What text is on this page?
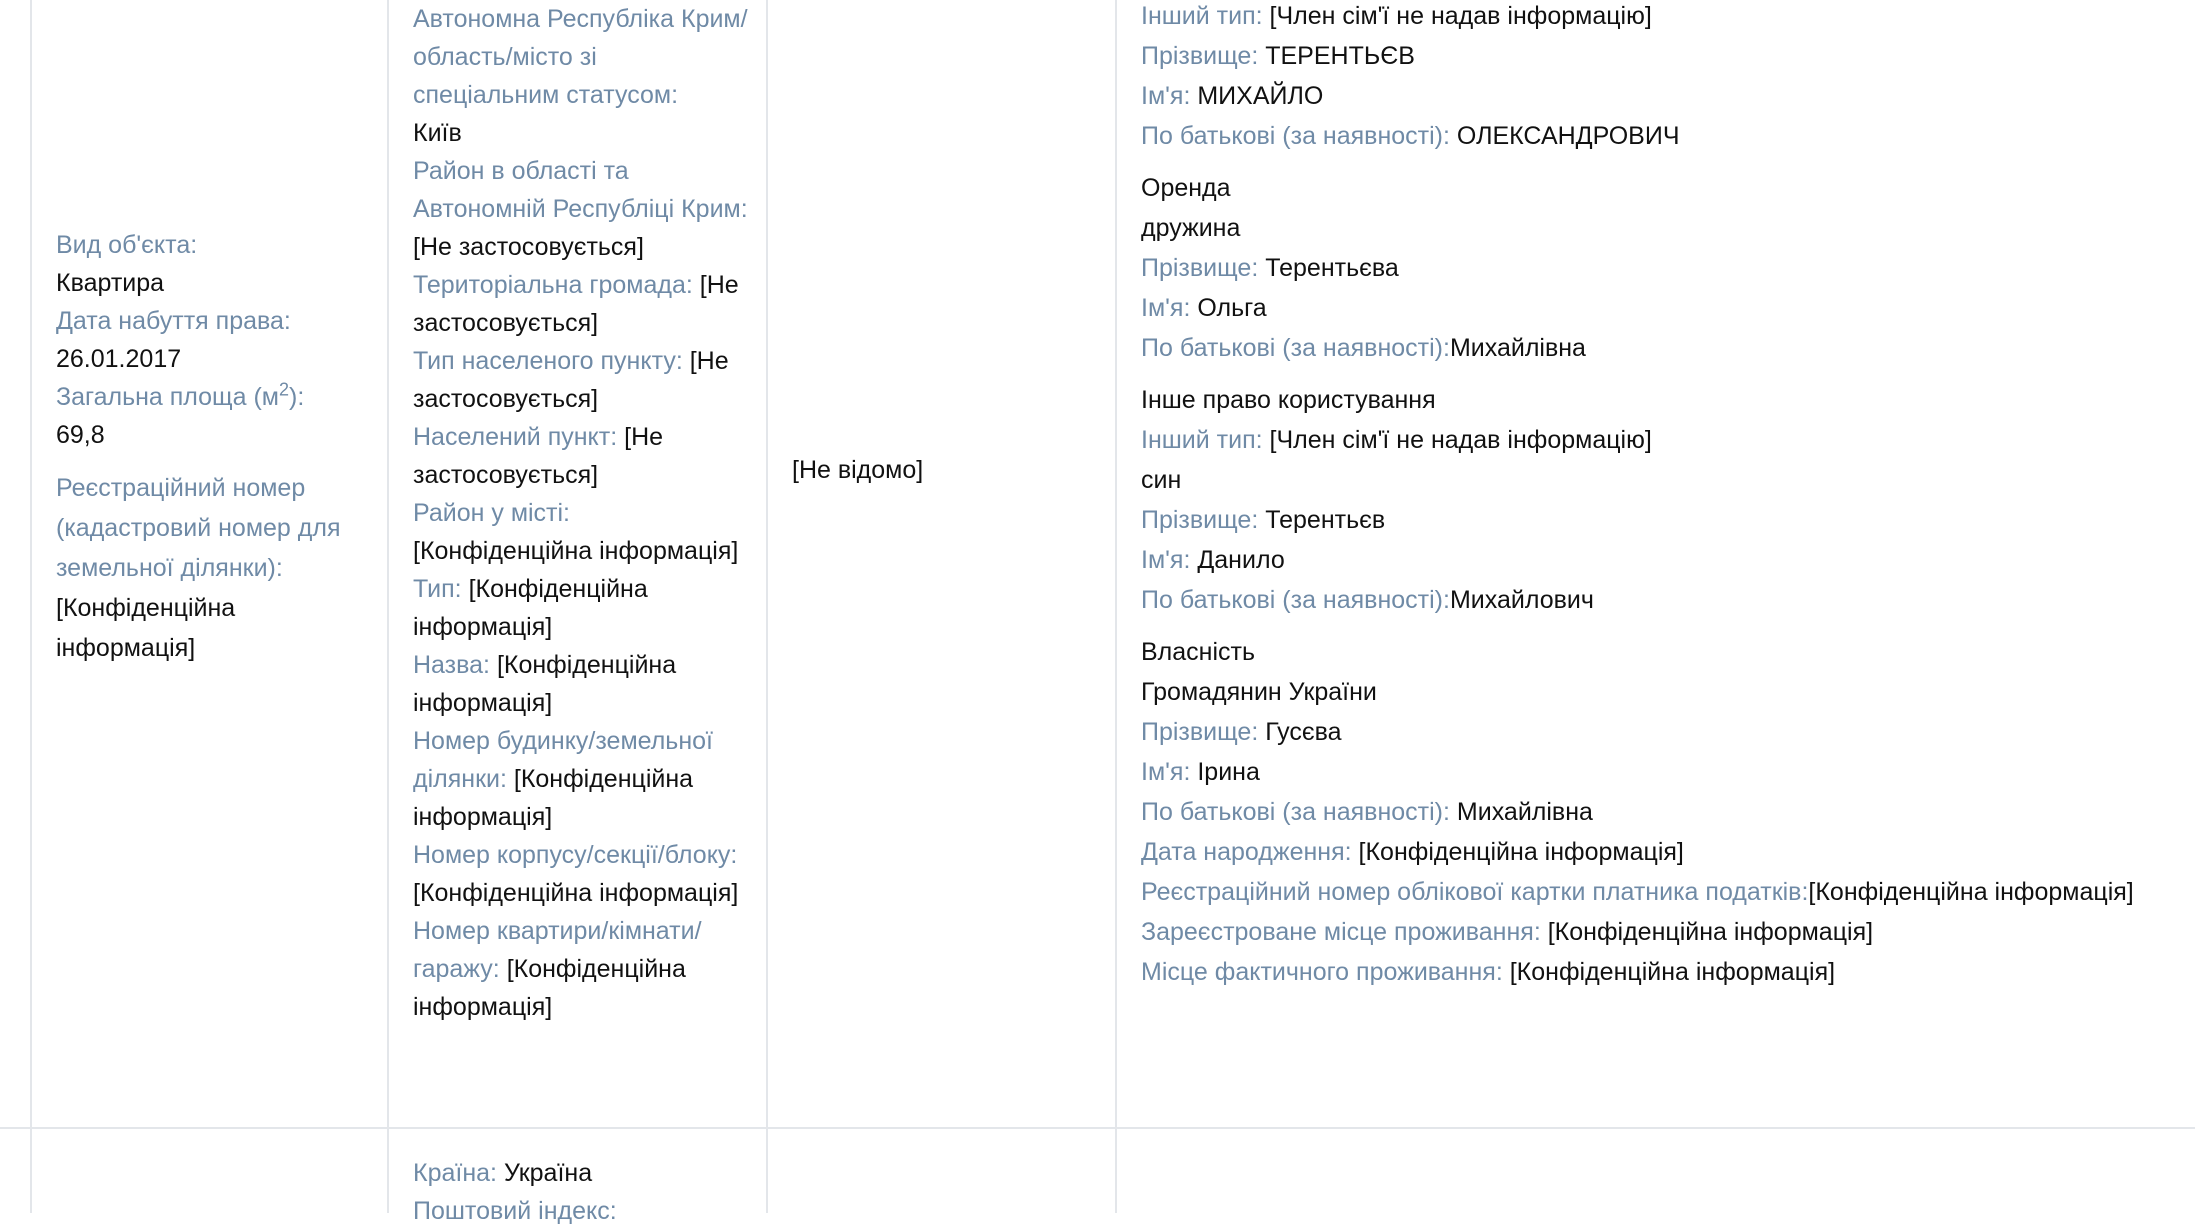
Вид об'єкта:
Квартира
Дата набуття права:
26.01.2017
Загальна площа $(м^2)$:
69,8
Реєстраційний номер (кадастровий номер для земельної ділянки):
[Конфіденційна інформація]
Автономна Республіка Крим/область/місто зі спеціальним статусом:
Київ
Район в області та Автономній Республіці Крим: [Не застосовується]
Територіальна громада: [Не застосовується]
Тип населеного пункту: [Не застосовується]
Населений пункт: [Не застосовується]
Район у місті: [Конфіденційна інформація]
Тип: [Конфіденційна інформація]
Назва: [Конфіденційна інформація]
Номер будинку/земельної ділянки: [Конфіденційна інформація]
Номер корпусу/секції/блоку: [Конфіденційна інформація]
Номер квартири/кімнати/гаражу: [Конфіденційна інформація]
[Не відомо]
Інший тип: [Член сім'ї не надав інформацію]
Прізвище: ТЕРЕНТЬЄВ
Ім'я: МИХАЙЛО
По батькові (за наявності): ОЛЕКСАНДРОВИЧ
Оренда
дружина
Прізвище: Терентьєва
Ім'я: Ольга
По батькові (за наявності):Михайлівна
Інше право користування
Інший тип: [Член сім'ї не надав інформацію]
син
Прізвище: Терентьєв
Ім'я: Данило
По батькові (за наявності):Михайлович
Власність
Громадянин України
Прізвище: Гусєва
Ім'я: Ірина
По батькові (за наявності): Михайлівна
Дата народження: [Конфіденційна інформація]
Реєстраційний номер облікової картки платника податків:[Конфіденційна інформація]
Зареєстроване місце проживання: [Конфіденційна інформація]
Місце фактичного проживання: [Конфіденційна інформація]
Країна: Україна
Поштовий індекс:
